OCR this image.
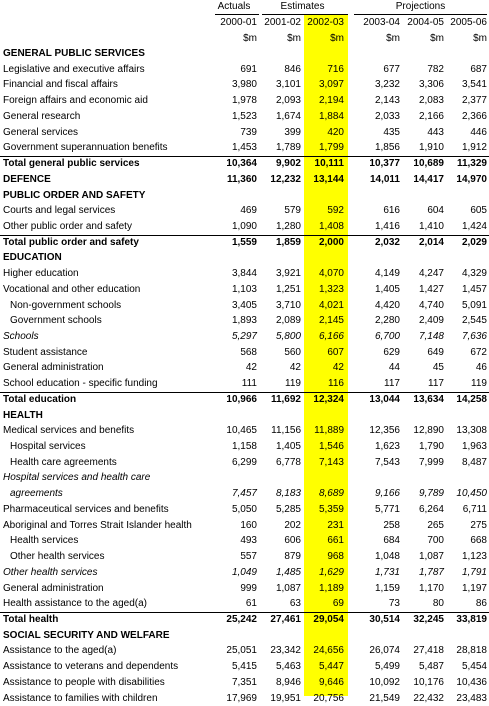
Actuals	Estimates	Projections
2000-01 2001-02 2002-03	2003-04 2004-05 2005-06
$m	$m	$m	$m	$m	$m
GENERAL PUBLIC SERVICES
Legislative and executive affairs	691	846	716	677	782	687
Financial and fiscal affairs	3,980	3,101	3,097	3,232	3,306	3,541
Foreign affairs and economic aid	1,978	2,093	2,194	2,143	2,083	2,377
General research	1,523	1,674	1,884	2,033	2,166	2,366
General services	739	399	420	435	443	446
Government superannuation benefits	1,453	1,789	1,799	1,856	1,910	1,912
Total general public services	10,364	9,902	10,111	10,377	10,689	11,329
DEFENCE	11,360	12,232	13,144	14,011	14,417	14,970
PUBLIC ORDER AND SAFETY
Courts and legal services	469	579	592	616	604	605
Other public order and safety	1,090	1,280	1,408	1,416	1,410	1,424
Total public order and safety	1,559	1,859	2,000	2,032	2,014	2,029
EDUCATION
Higher education	3,844	3,921	4,070	4,149	4,247	4,329
Vocational and other education	1,103	1,251	1,323	1,405	1,427	1,457
Non-government schools	3,405	3,710	4,021	4,420	4,740	5,091
Government schools	1,893	2,089	2,145	2,280	2,409	2,545
Schools	5,297	5,800	6,166	6,700	7,148	7,636
Student assistance	568	560	607	629	649	672
General administration	42	42	42	44	45	46
School education - specific funding	111	119	116	117	117	119
Total education	10,966	11,692	12,324	13,044	13,634	14,258
HEALTH
Medical services and benefits	10,465	11,156	11,889	12,356	12,890	13,308
Hospital services	1,158	1,405	1,546	1,623	1,790	1,963
Health care agreements	6,299	6,778	7,143	7,543	7,999	8,487
Hospital services and health care
agreements	7,457	8,183	8,689	9,166	9,789	10,450
Pharmaceutical services and benefits	5,050	5,285	5,359	5,771	6,264	6,711
Aboriginal and Torres Strait Islander health	160	202	231	258	265	275
Health services	493	606	661	684	700	668
Other health services	557	879	968	1,048	1,087	1,123
Other health services	1,049	1,485	1,629	1,731	1,787	1,791
General administration	999	1,087	1,189	1,159	1,170	1,197
Health assistance to the aged(a)	61	63	69	73	80	86
Total health	25,242	27,461	29,054	30,514	32,245	33,819
SOCIAL SECURITY AND WELFARE
Assistance to the aged(a)	25,051	23,342	24,656	26,074	27,418	28,818
Assistance to veterans and dependents	5,415	5,463	5,447	5,499	5,487	5,454
Assistance to people with disabilities	7,351	8,946	9,646	10,092	10,176	10,436
Assistance to families with children	17,969	19,951	20,756	21,549	22,432	23,483
